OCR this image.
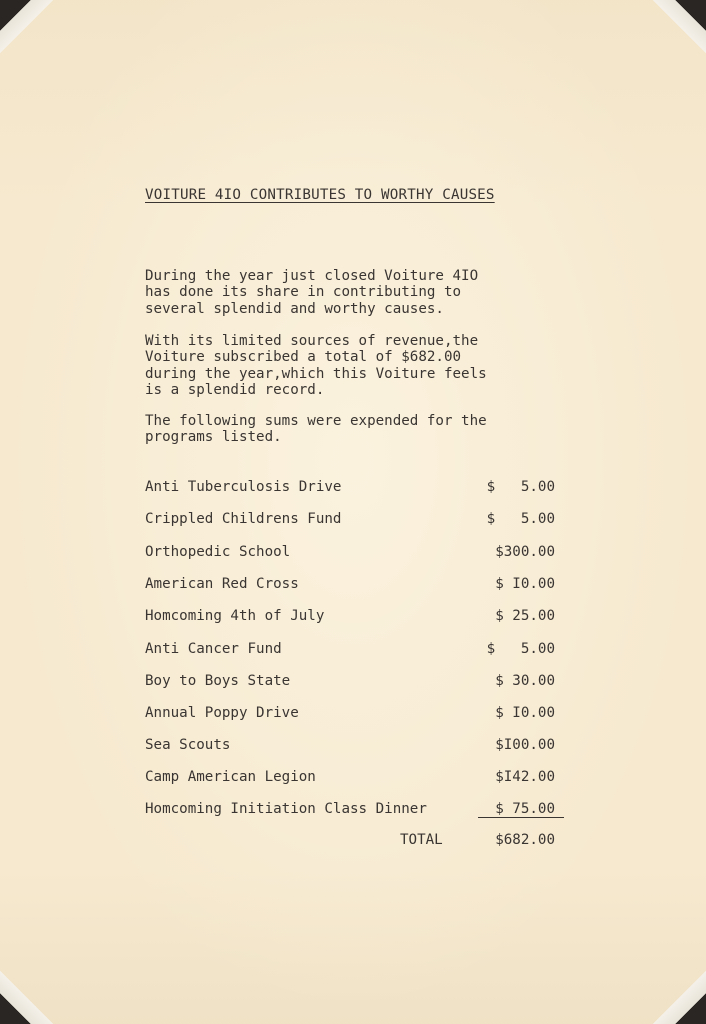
VOITURE 4IO CONTRIBUTES TO WORTHY CAUSES

During the year just closed Voiture 4IO
has done its share in contributing to
several splendid and worthy causes.

With its limited sources of revenue,the
Voiture subscribed a total of $682.00
during the year,which this Voiture feels
is a splendid record.

The following sums were expended for the
programs listed.

Anti Tuberculosis Drive	$   5.00
Crippled Childrens Fund	$   5.00
Orthopedic School	$300.00
American Red Cross	$ I0.00
Homcoming 4th of July	$ 25.00
Anti Cancer Fund	$   5.00
Boy to Boys State	$ 30.00
Annual Poppy Drive	$ I0.00
Sea Scouts	$I00.00
Camp American Legion	$I42.00
Homcoming Initiation Class Dinner	$ 75.00
TOTAL	$682.00
